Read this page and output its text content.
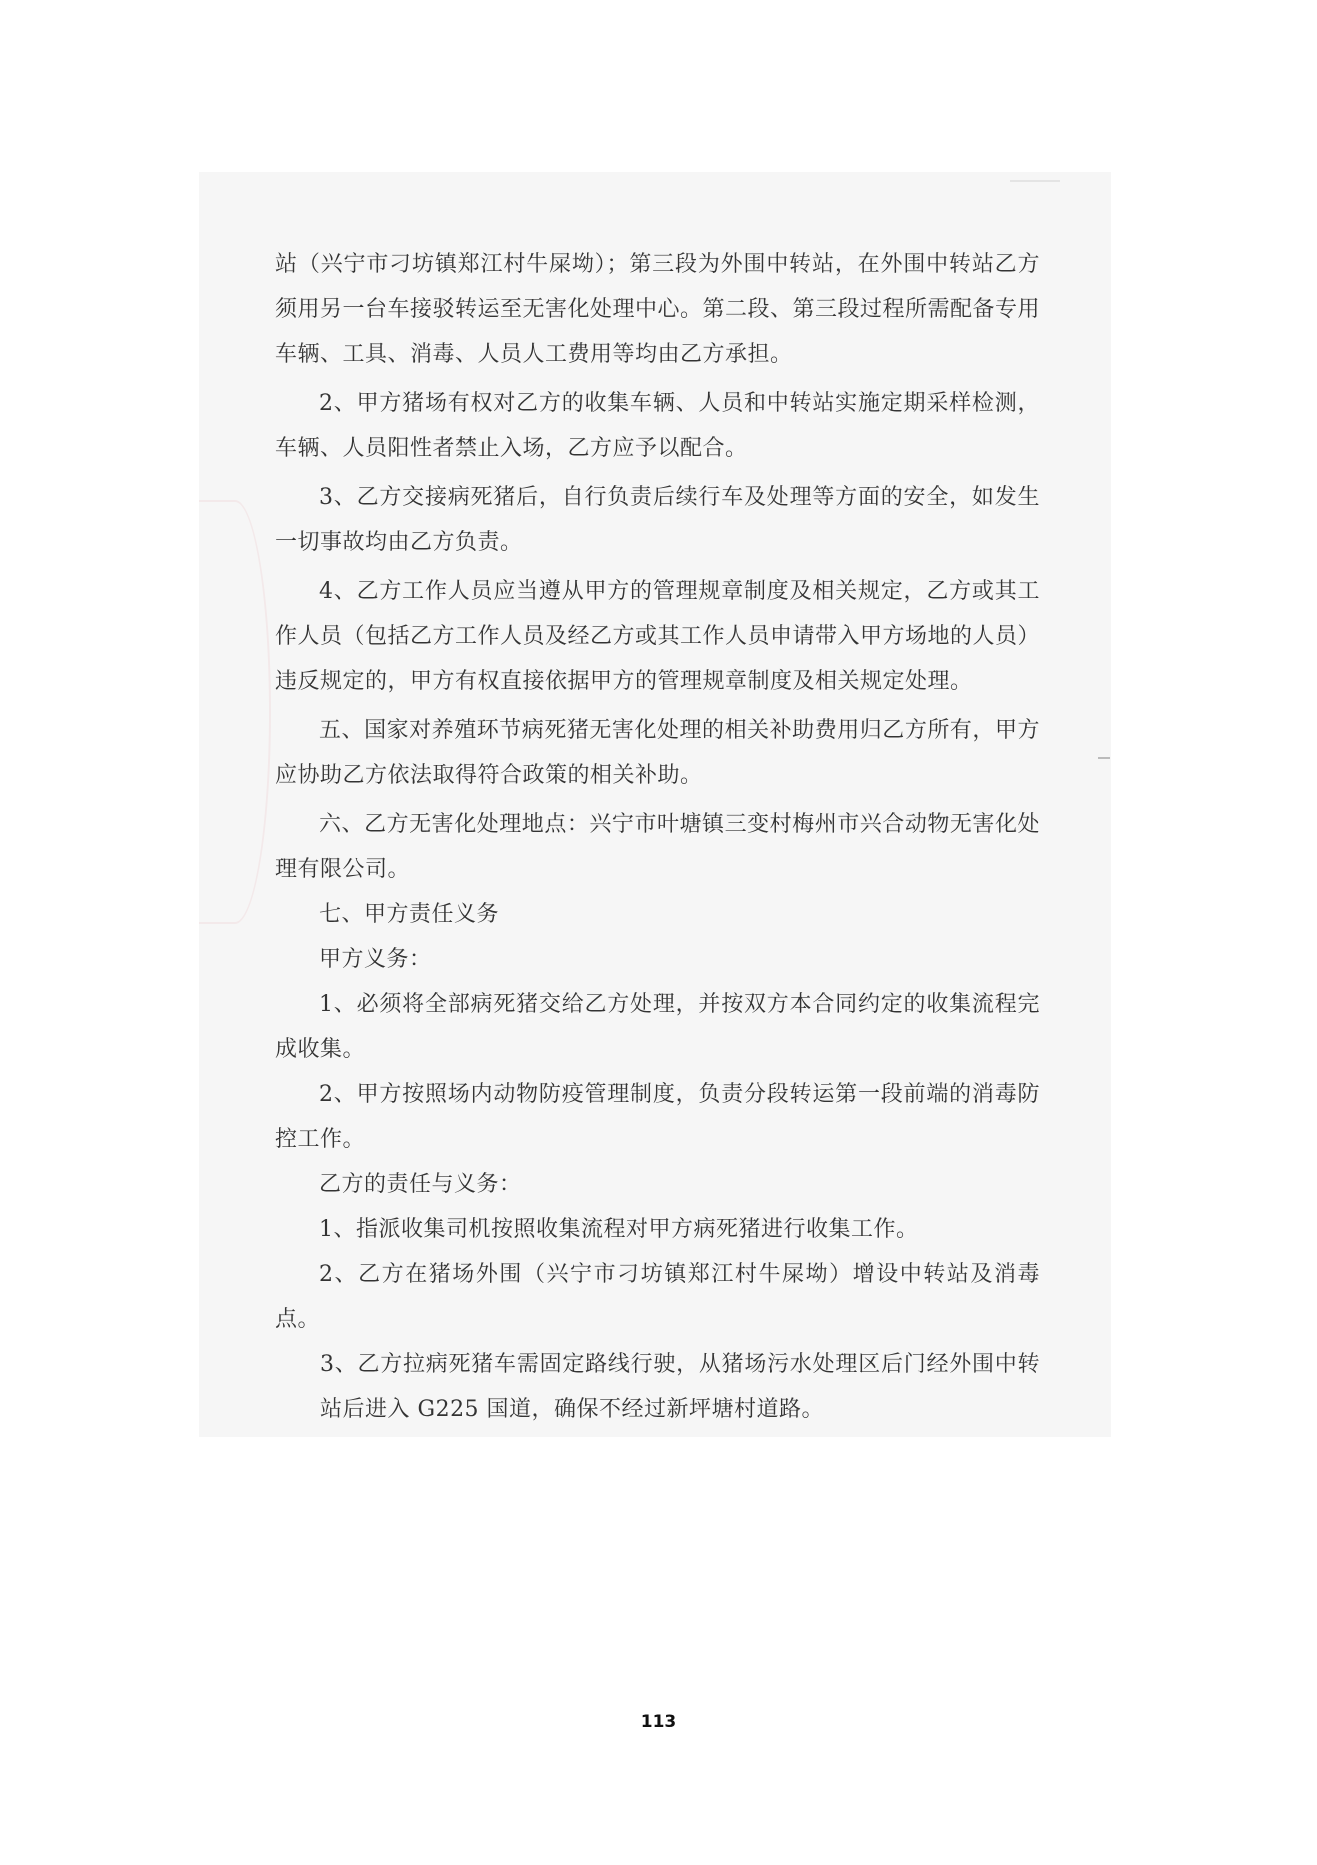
站（兴宁市刁坊镇郑江村牛屎坳）；第三段为外围中转站，在外围中转站乙方须用另一台车接驳转运至无害化处理中心。第二段、第三段过程所需配备专用车辆、工具、消毒、人员人工费用等均由乙方承担。

2、甲方猪场有权对乙方的收集车辆、人员和中转站实施定期采样检测，车辆、人员阳性者禁止入场，乙方应予以配合。

3、乙方交接病死猪后，自行负责后续行车及处理等方面的安全，如发生一切事故均由乙方负责。

4、乙方工作人员应当遵从甲方的管理规章制度及相关规定，乙方或其工作人员（包括乙方工作人员及经乙方或其工作人员申请带入甲方场地的人员）违反规定的，甲方有权直接依据甲方的管理规章制度及相关规定处理。

五、国家对养殖环节病死猪无害化处理的相关补助费用归乙方所有，甲方应协助乙方依法取得符合政策的相关补助。

六、乙方无害化处理地点：兴宁市叶塘镇三变村梅州市兴合动物无害化处理有限公司。

七、甲方责任义务

甲方义务：

1、必须将全部病死猪交给乙方处理，并按双方本合同约定的收集流程完成收集。

2、甲方按照场内动物防疫管理制度，负责分段转运第一段前端的消毒防控工作。

乙方的责任与义务：

1、指派收集司机按照收集流程对甲方病死猪进行收集工作。

2、乙方在猪场外围（兴宁市刁坊镇郑江村牛屎坳）增设中转站及消毒点。

3、乙方拉病死猪车需固定路线行驶，从猪场污水处理区后门经外围中转站后进入 G225 国道，确保不经过新坪塘村道路。

113
